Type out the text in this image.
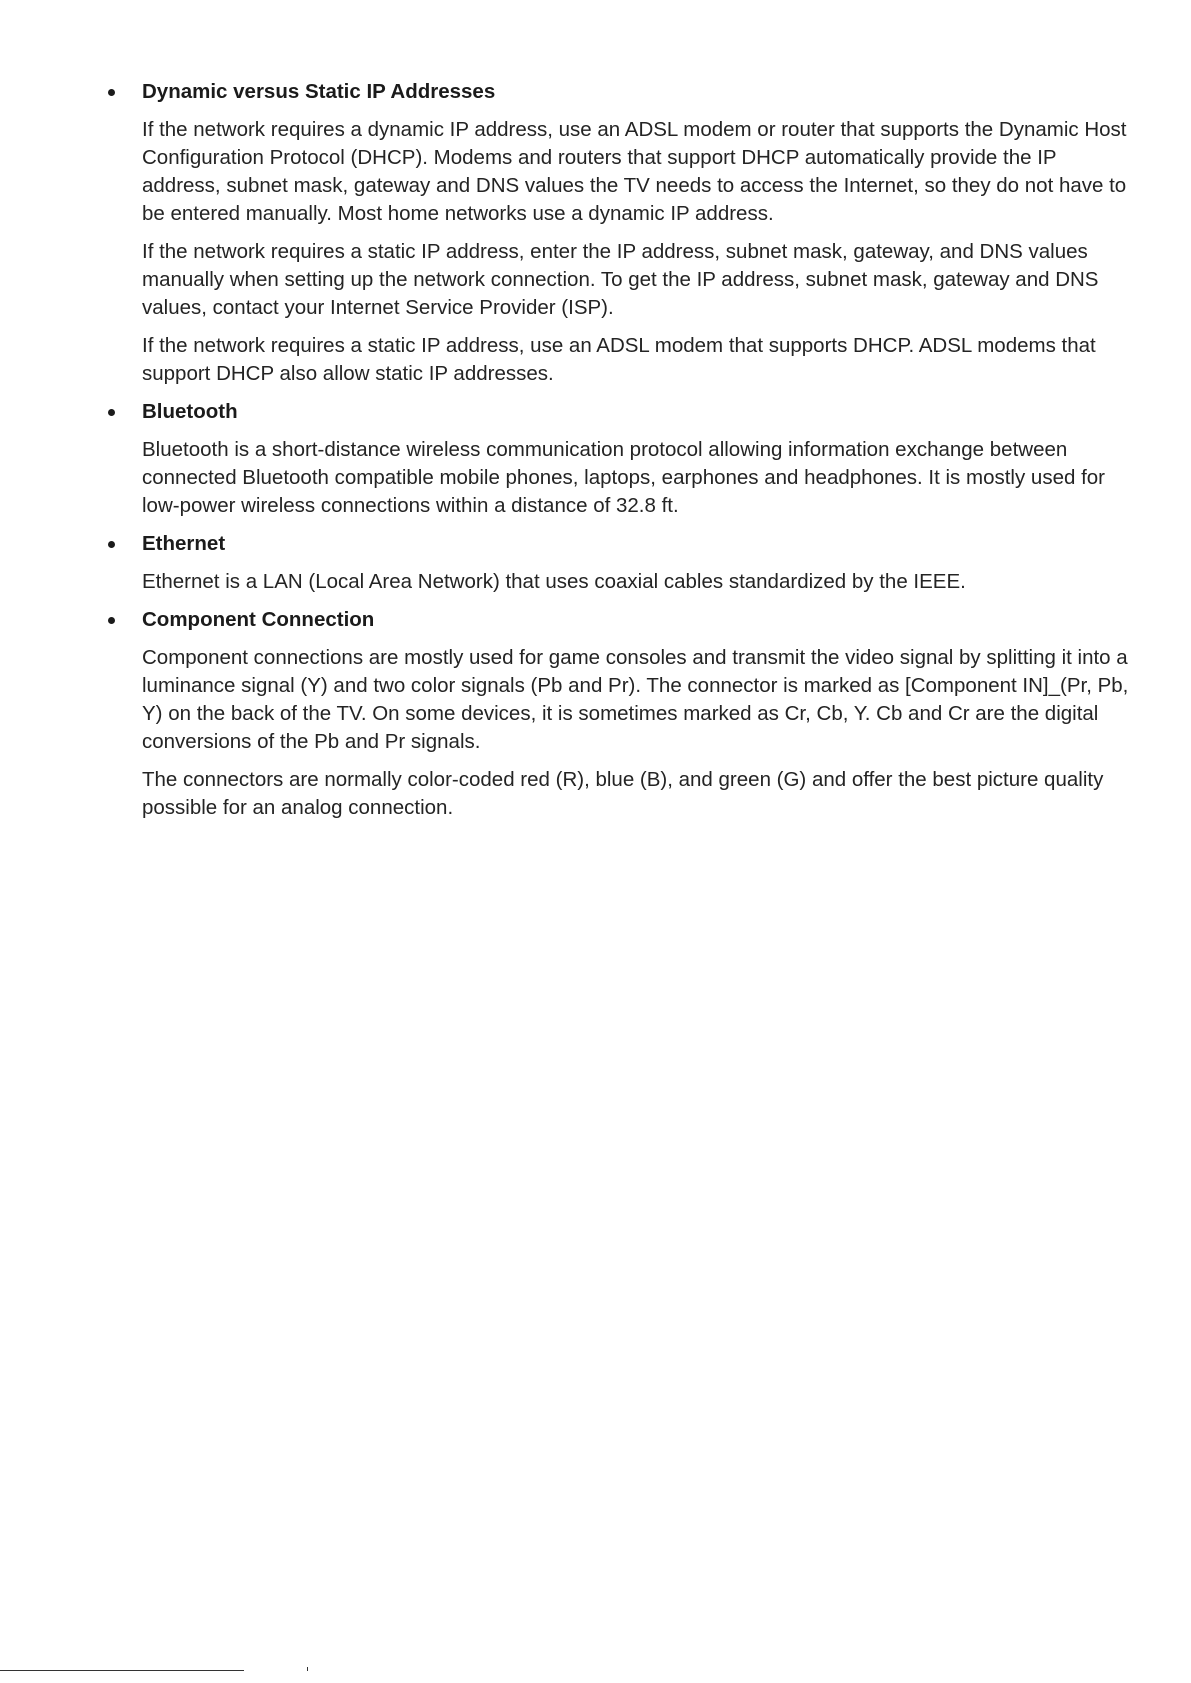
Dynamic versus Static IP Addresses

If the network requires a dynamic IP address, use an ADSL modem or router that supports the Dynamic Host Configuration Protocol (DHCP). Modems and routers that support DHCP automatically provide the IP address, subnet mask, gateway and DNS values the TV needs to access the Internet, so they do not have to be entered manually. Most home networks use a dynamic IP address.

If the network requires a static IP address, enter the IP address, subnet mask, gateway, and DNS values manually when setting up the network connection. To get the IP address, subnet mask, gateway and DNS values, contact your Internet Service Provider (ISP).

If the network requires a static IP address, use an ADSL modem that supports DHCP. ADSL modems that support DHCP also allow static IP addresses.

Bluetooth

Bluetooth is a short-distance wireless communication protocol allowing information exchange between connected Bluetooth compatible mobile phones, laptops, earphones and headphones. It is mostly used for low-power wireless connections within a distance of 32.8 ft.

Ethernet

Ethernet is a LAN (Local Area Network) that uses coaxial cables standardized by the IEEE.

Component Connection

Component connections are mostly used for game consoles and transmit the video signal by splitting it into a luminance signal (Y) and two color signals (Pb and Pr). The connector is marked as [Component IN]_(Pr, Pb, Y) on the back of the TV. On some devices, it is sometimes marked as Cr, Cb, Y. Cb and Cr are the digital conversions of the Pb and Pr signals.

The connectors are normally color-coded red (R), blue (B), and green (G) and offer the best picture quality possible for an analog connection.
